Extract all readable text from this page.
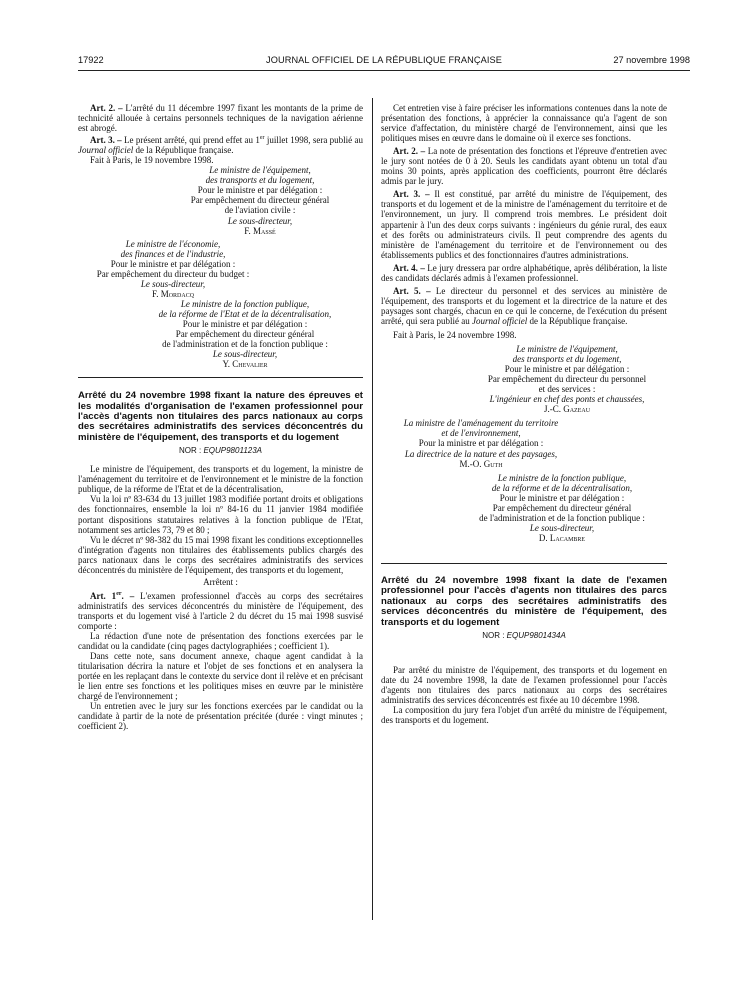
17922	JOURNAL OFFICIEL DE LA RÉPUBLIQUE FRANÇAISE	27 novembre 1998

Art. 2. – L'arrêté du 11 décembre 1997 fixant les montants de la prime de technicité allouée à certains personnels techniques de la navigation aérienne est abrogé.

Art. 3. – Le présent arrêté, qui prend effet au 1er juillet 1998, sera publié au Journal officiel de la République française.

Fait à Paris, le 19 novembre 1998.

Le ministre de l'équipement,
des transports et du logement,
Pour le ministre et par délégation :
Par empêchement du directeur général
de l'aviation civile :
Le sous-directeur,
F. Massé
Le ministre de l'économie,
des finances et de l'industrie,
Pour le ministre et par délégation :
Par empêchement du directeur du budget :
Le sous-directeur,
F. Mordacq
Le ministre de la fonction publique,
de la réforme de l'Etat et de la décentralisation,
Pour le ministre et par délégation :
Par empêchement du directeur général
de l'administration et de la fonction publique :
Le sous-directeur,
Y. Chevalier
Arrêté du 24 novembre 1998 fixant la nature des épreuves et les modalités d'organisation de l'examen professionnel pour l'accès d'agents non titulaires des parcs nationaux au corps des secrétaires administratifs des services déconcentrés du ministère de l'équipement, des transports et du logement
NOR : EQUP9801123A

Le ministre de l'équipement, des transports et du logement, la ministre de l'aménagement du territoire et de l'environnement et le ministre de la fonction publique, de la réforme de l'Etat et de la décentralisation,

Vu la loi nº 83-634 du 13 juillet 1983 modifiée portant droits et obligations des fonctionnaires, ensemble la loi nº 84-16 du 11 janvier 1984 modifiée portant dispositions statutaires relatives à la fonction publique de l'Etat, notamment ses articles 73, 79 et 80 ;

Vu le décret nº 98-382 du 15 mai 1998 fixant les conditions exceptionnelles d'intégration d'agents non titulaires des établissements publics chargés des parcs nationaux dans le corps des secrétaires administratifs des services déconcentrés du ministère de l'équipement, des transports et du logement,

Arrêtent :

Art. 1er. – L'examen professionnel d'accès au corps des secrétaires administratifs des services déconcentrés du ministère de l'équipement, des transports et du logement visé à l'article 2 du décret du 15 mai 1998 susvisé comporte :

La rédaction d'une note de présentation des fonctions exercées par le candidat ou la candidate (cinq pages dactylographiées ; coefficient 1).

Dans cette note, sans document annexe, chaque agent candidat à la titularisation décrira la nature et l'objet de ses fonctions et en analysera la portée en les replaçant dans le contexte du service dont il relève et en précisant le lien entre ses fonctions et les politiques mises en œuvre par le ministère chargé de l'environnement ;

Un entretien avec le jury sur les fonctions exercées par le candidat ou la candidate à partir de la note de présentation précitée (durée : vingt minutes ; coefficient 2).

Cet entretien vise à faire préciser les informations contenues dans la note de présentation des fonctions, à apprécier la connaissance qu'a l'agent de son service d'affectation, du ministère chargé de l'environnement, ainsi que les politiques mises en œuvre dans le domaine où il exerce ses fonctions.

Art. 2. – La note de présentation des fonctions et l'épreuve d'entretien avec le jury sont notées de 0 à 20. Seuls les candidats ayant obtenu un total d'au moins 30 points, après application des coefficients, pourront être déclarés admis par le jury.

Art. 3. – Il est constitué, par arrêté du ministre de l'équipement, des transports et du logement et de la ministre de l'aménagement du territoire et de l'environnement, un jury. Il comprend trois membres. Le président doit appartenir à l'un des deux corps suivants : ingénieurs du génie rural, des eaux et des forêts ou administrateurs civils. Il peut comprendre des agents du ministère de l'aménagement du territoire et de l'environnement ou des établissements publics et des fonctionnaires d'autres administrations.

Art. 4. – Le jury dressera par ordre alphabétique, après délibération, la liste des candidats déclarés admis à l'examen professionnel.

Art. 5. – Le directeur du personnel et des services au ministère de l'équipement, des transports et du logement et la directrice de la nature et des paysages sont chargés, chacun en ce qui le concerne, de l'exécution du présent arrêté, qui sera publié au Journal officiel de la République française.

Fait à Paris, le 24 novembre 1998.

Le ministre de l'équipement,
des transports et du logement,
Pour le ministre et par délégation :
Par empêchement du directeur du personnel
et des services :
L'ingénieur en chef des ponts et chaussées,
J.-C. Gazeau
La ministre de l'aménagement du territoire
et de l'environnement,
Pour la ministre et par délégation :
La directrice de la nature et des paysages,
M.-O. Guth
Le ministre de la fonction publique,
de la réforme et de la décentralisation,
Pour le ministre et par délégation :
Par empêchement du directeur général
de l'administration et de la fonction publique :
Le sous-directeur,
D. Lacambre
Arrêté du 24 novembre 1998 fixant la date de l'examen professionnel pour l'accès d'agents non titulaires des parcs nationaux au corps des secrétaires administratifs des services déconcentrés du ministère de l'équipement, des transports et du logement
NOR : EQUP9801434A

Par arrêté du ministre de l'équipement, des transports et du logement en date du 24 novembre 1998, la date de l'examen professionnel pour l'accès d'agents non titulaires des parcs nationaux au corps des secrétaires administratifs des services déconcentrés est fixée au 10 décembre 1998.

La composition du jury fera l'objet d'un arrêté du ministre de l'équipement, des transports et du logement.
